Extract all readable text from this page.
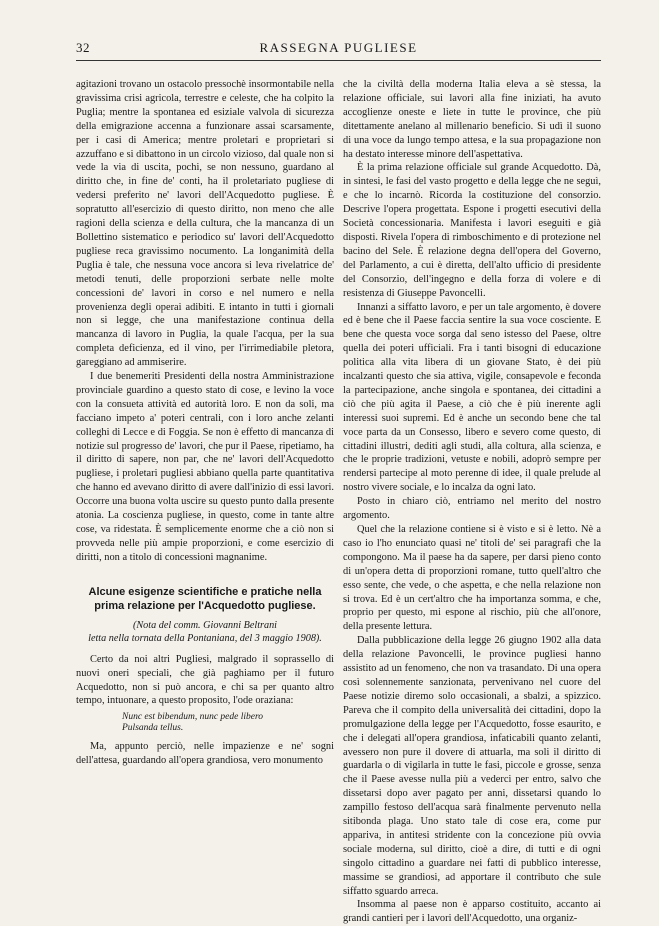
32	RASSEGNA PUGLIESE

agitazioni trovano un ostacolo pressochè insormontabile nella gravissima crisi agricola, terrestre e celeste, che ha colpito la Puglia; mentre la spontanea ed esiziale valvola di sicurezza della emigrazione accenna a funzionare assai scarsamente, per i casi di America; mentre proletari e proprietari si azzuffano e si dibattono in un circolo vizioso, dal quale non si vede la via di uscita, pochi, se non nessuno, guardano al diritto che, in fine de' conti, ha il proletariato pugliese di vedersi preferito ne' lavori dell'Acquedotto pugliese. È sopratutto all'esercizio di questo diritto, non meno che alle ragioni della scienza e della cultura, che la mancanza di un Bollettino sistematico e periodico su' lavori dell'Acquedotto pugliese reca gravissimo nocumento. La longanimità della Puglia è tale, che nessuna voce ancora si leva rivelatrice de' metodi tenuti, delle proporzioni serbate nelle molte concessioni de' lavori in corso e nel numero e nella provenienza degli operai adibiti. E intanto in tutti i giornali non si legge, che una manifestazione continua della mancanza di lavoro in Puglia, la quale l'acqua, per la sua completa deficienza, ed il vino, per l'irrimediabile pletora, gareggiano ad ammiserire.

I due benemeriti Presidenti della nostra Amministrazione provinciale guardino a questo stato di cose, e levino la voce con la consueta attività ed autorità loro. E non da soli, ma facciano impeto a' poteri centrali, con i loro anche zelanti colleghi di Lecce e di Foggia. Se non è effetto di mancanza di notizie sul progresso de' lavori, che pur il Paese, ripetiamo, ha il diritto di sapere, non par, che ne' lavori dell'Acquedotto pugliese, i proletari pugliesi abbiano quella parte quantitativa che hanno ed avevano diritto di avere dall'inizio di essi lavori. Occorre una buona volta uscire su questo punto dalla presente atonia. La coscienza pugliese, in questo, come in tante altre cose, va ridestata. È semplicemente enorme che a ciò non si provveda nelle più ampie proporzioni, e come esercizio di diritti, non a titolo di concessioni magnanime.

Alcune esigenze scientifiche e pratiche nella prima relazione per l'Acquedotto pugliese.
(Nota del comm. Giovanni Beltrani
letta nella tornata della Pontaniana, del 3 maggio 1908).

Certo da noi altri Pugliesi, malgrado il soprassello di nuovi oneri speciali, che già paghiamo per il futuro Acquedotto, non si può ancora, e chi sa per quanto altro tempo, intuonare, a questo proposito, l'ode oraziana:

Nunc est bibendum, nunc pede libero
Pulsanda tellus.

Ma, appunto perciò, nelle impazienze e ne' sogni dell'attesa, guardando all'opera grandiosa, vero monumento

che la civiltà della moderna Italia eleva a sè stessa, la relazione officiale, sui lavori alla fine iniziati, ha avuto accoglienze oneste e liete in tutte le province, che più ditettamente anelano al millenario beneficio. Si udì il suono di una voce da lungo tempo attesa, e la sua propagazione non ha destato interesse minore dell'aspettativa.

È la prima relazione officiale sul grande Acquedotto. Dà, in sintesi, le fasi del vasto progetto e della legge che ne seguì, e che lo incarnò. Ricorda la costituzione del consorzio. Descrive l'opera progettata. Espone i progetti esecutivi della Società concessionaria. Manifesta i lavori eseguiti e già disposti. Rivela l'opera di rimboschimento e di protezione nel bacino del Sele. È relazione degna dell'opera del Governo, del Parlamento, a cui è diretta, dell'alto ufficio di presidente del Consorzio, dell'ingegno e della forza di volere e di resistenza di Giuseppe Pavoncelli.

Innanzi a siffatto lavoro, e per un tale argomento, è dovere ed è bene che il Paese faccia sentire la sua voce cosciente. E bene che questa voce sorga dal seno istesso del Paese, oltre quella dei poteri ufficiali. Fra i tanti bisogni di educazione politica alla vita libera di un giovane Stato, è dei più incalzanti questo che sia attiva, vigile, consapevole e feconda la partecipazione, anche singola e spontanea, dei cittadini a ciò che più agita il Paese, a ciò che è più inerente agli interessi suoi supremi. Ed è anche un secondo bene che tal voce parta da un Consesso, libero e severo come questo, di cittadini illustri, dediti agli studi, alla coltura, alla scienza, e che le proprie tradizioni, vetuste e nobili, adoprò sempre per rendersi partecipe al moto perenne di idee, il quale prelude al nostro vivere sociale, e lo incalza da ogni lato.

Posto in chiaro ciò, entriamo nel merito del nostro argomento.

Quel che la relazione contiene si è visto e si è letto. Nè a caso io l'ho enunciato quasi ne' titoli de' sei paragrafi che la compongono. Ma il paese ha da sapere, per darsi pieno conto di un'opera detta di proporzioni romane, tutto quell'altro che esso sente, che vede, o che aspetta, e che nella relazione non si trova. Ed è un cert'altro che ha importanza somma, e che, proprio per questo, mi espone al rischio, più che all'onore, della presente lettura.

Dalla pubblicazione della legge 26 giugno 1902 alla data della relazione Pavoncelli, le province pugliesi hanno assistito ad un fenomeno, che non va trasandato. Di una opera così solennemente sanzionata, pervenivano nel cuore del Paese notizie diremo solo occasionali, a sbalzi, a spizzico. Pareva che il compito della universalità dei cittadini, dopo la promulgazione della legge per l'Acquedotto, fosse esaurito, e che i delegati all'opera grandiosa, infaticabili quanto zelanti, avessero non pure il dovere di attuarla, ma soli il diritto di guardarla o di vigilarla in tutte le fasi, piccole e grosse, senza che il Paese avesse nulla più a vederci per entro, salvo che dissetarsi dopo aver pagato per anni, dissetarsi quando lo zampillo festoso dell'acqua sarà finalmente pervenuto nella sitibonda plaga. Uno stato tale di cose era, come pur appariva, in antitesi stridente con la concezione più ovvia sociale moderna, sul diritto, cioè a dire, di tutti e di ogni singolo cittadino a guardare nei fatti di pubblico interesse, massime se grandiosi, ad apportare il contributo che sule siffatto sguardo arreca.

Insomma al paese non è apparso costituito, accanto ai grandi cantieri per i lavori dell'Acquedotto, una organiz-
